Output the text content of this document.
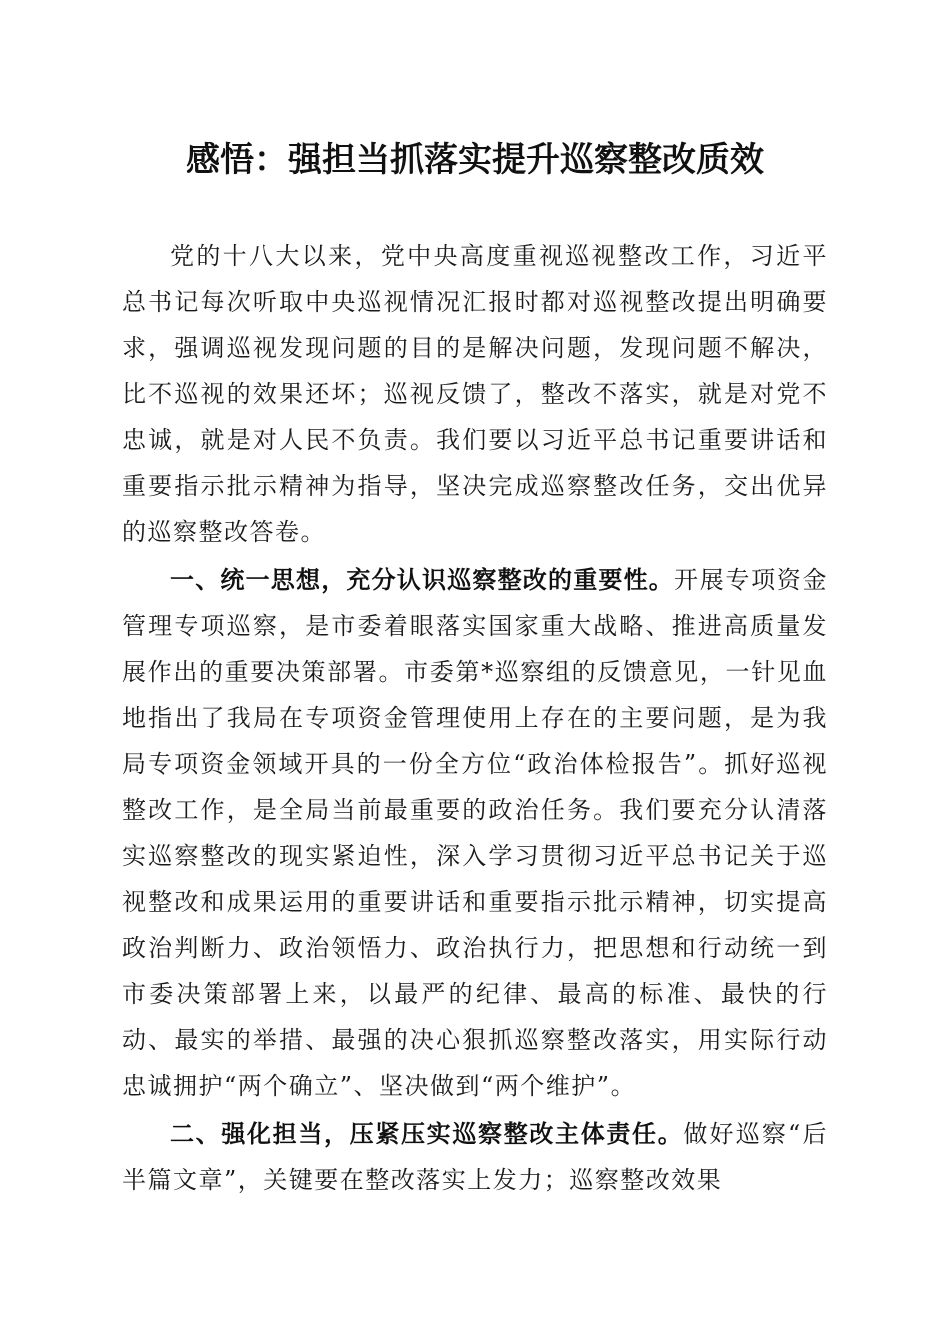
感悟：强担当抓落实提升巡察整改质效

党的十八大以来，党中央高度重视巡视整改工作，习近平总书记每次听取中央巡视情况汇报时都对巡视整改提出明确要求，强调巡视发现问题的目的是解决问题，发现问题不解决，比不巡视的效果还坏；巡视反馈了，整改不落实，就是对党不忠诚，就是对人民不负责。我们要以习近平总书记重要讲话和重要指示批示精神为指导，坚决完成巡察整改任务，交出优异的巡察整改答卷。

一、统一思想，充分认识巡察整改的重要性。开展专项资金管理专项巡察，是市委着眼落实国家重大战略、推进高质量发展作出的重要决策部署。市委第*巡察组的反馈意见，一针见血地指出了我局在专项资金管理使用上存在的主要问题，是为我局专项资金领域开具的一份全方位“政治体检报告”。抓好巡视整改工作，是全局当前最重要的政治任务。我们要充分认清落实巡察整改的现实紧迫性，深入学习贯彻习近平总书记关于巡视整改和成果运用的重要讲话和重要指示批示精神，切实提高政治判断力、政治领悟力、政治执行力，把思想和行动统一到市委决策部署上来，以最严的纪律、最高的标准、最快的行动、最实的举措、最强的决心狠抓巡察整改落实，用实际行动忠诚拥护“两个确立”、坚决做到“两个维护”。

二、强化担当，压紧压实巡察整改主体责任。做好巡察“后半篇文章”，关键要在整改落实上发力；巡察整改效果
